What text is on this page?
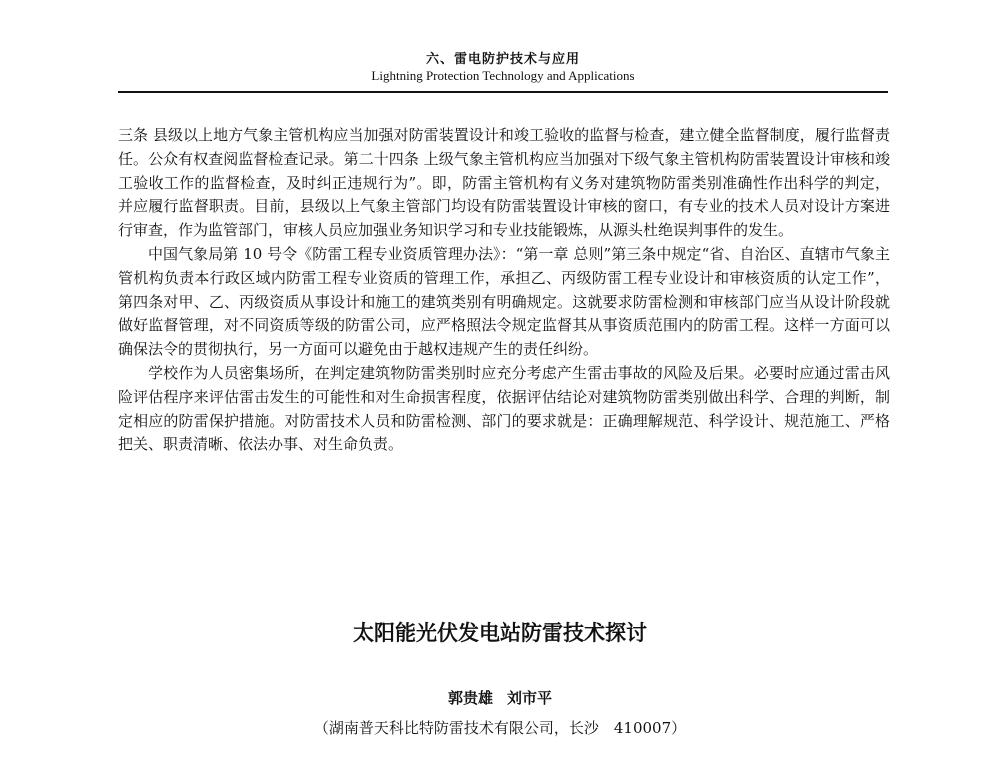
六、雷电防护技术与应用
Lightning Protection Technology and Applications

三条 县级以上地方气象主管机构应当加强对防雷装置设计和竣工验收的监督与检查，建立健全监督制度，履行监督责任。公众有权查阅监督检查记录。第二十四条 上级气象主管机构应当加强对下级气象主管机构防雷装置设计审核和竣工验收工作的监督检查，及时纠正违规行为”。即，防雷主管机构有义务对建筑物防雷类别准确性作出科学的判定，并应履行监督职责。目前，县级以上气象主管部门均设有防雷装置设计审核的窗口，有专业的技术人员对设计方案进行审查，作为监管部门，审核人员应加强业务知识学习和专业技能锻炼，从源头杜绝误判事件的发生。

中国气象局第 10 号令《防雷工程专业资质管理办法》：“第一章 总则”第三条中规定“省、自治区、直辖市气象主管机构负责本行政区域内防雷工程专业资质的管理工作，承担乙、丙级防雷工程专业设计和审核资质的认定工作”，第四条对甲、乙、丙级资质从事设计和施工的建筑类别有明确规定。这就要求防雷检测和审核部门应当从设计阶段就做好监督管理，对不同资质等级的防雷公司，应严格照法令规定监督其从事资质范围内的防雷工程。这样一方面可以确保法令的贯彻执行，另一方面可以避免由于越权违规产生的责任纠纷。

学校作为人员密集场所，在判定建筑物防雷类别时应充分考虑产生雷击事故的风险及后果。必要时应通过雷击风险评估程序来评估雷击发生的可能性和对生命损害程度，依据评估结论对建筑物防雷类别做出科学、合理的判断，制定相应的防雷保护措施。对防雷技术人员和防雷检测、部门的要求就是：正确理解规范、科学设计、规范施工、严格把关、职责清晰、依法办事、对生命负责。

太阳能光伏发电站防雷技术探讨
郭贵雄 刘市平
（湖南普天科比特防雷技术有限公司，长沙　410007）
